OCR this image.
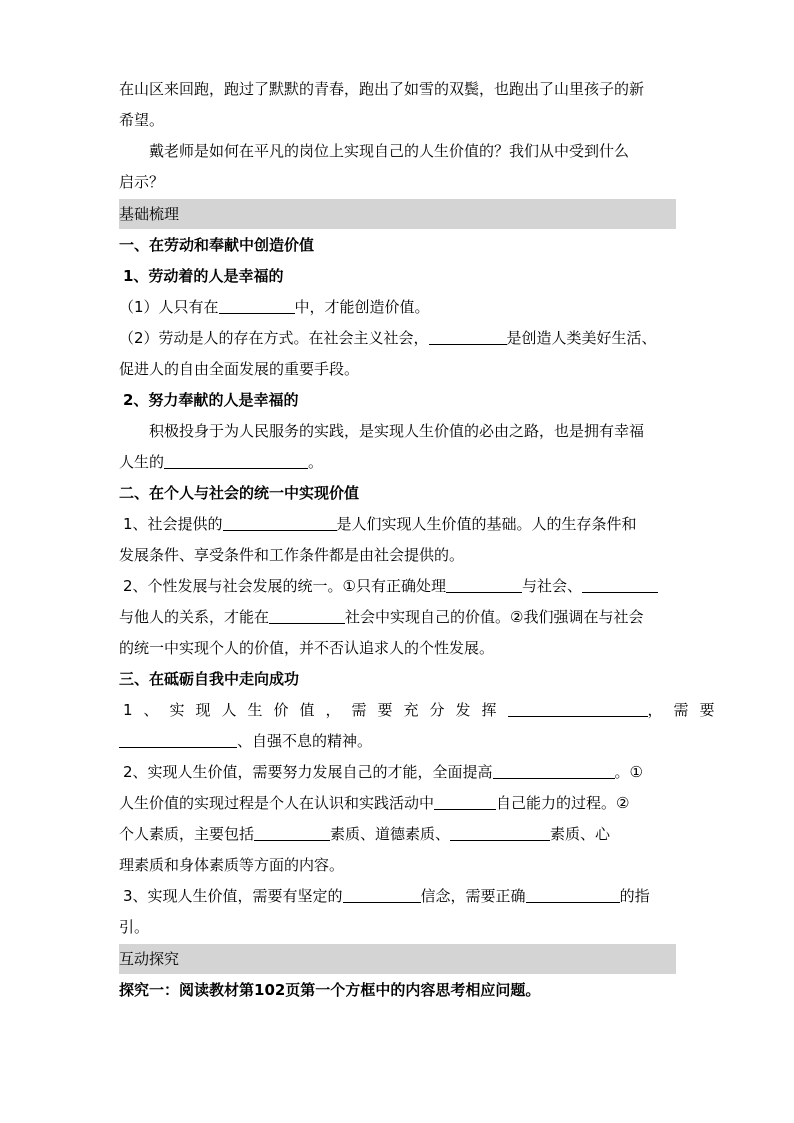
在山区来回跑，跑过了默默的青春，跑出了如雪的双鬓，也跑出了山里孩子的新
希望。
戴老师是如何在平凡的岗位上实现自己的人生价值的？我们从中受到什么
启示？
基础梳理
一、在劳动和奉献中创造价值
1、劳动着的人是幸福的
（1）人只有在	中，才能创造价值。
（2）劳动是人的存在方式。在社会主义社会，	是创造人类美好生活、
促进人的自由全面发展的重要手段。
2、努力奉献的人是幸福的
积极投身于为人民服务的实践，是实现人生价值的必由之路，也是拥有幸福
人生的	。
二、在个人与社会的统一中实现价值
1、社会提供的	是人们实现人生价值的基础。人的生存条件和
发展条件、享受条件和工作条件都是由社会提供的。
2、个性发展与社会发展的统一。①只有正确处理	与社会、
与他人的关系，才能在	社会中实现自己的价值。②我们强调在与社会
的统一中实现个人的价值，并不否认追求人的个性发展。
三、在砥砺自我中走向成功
1、实现人生价值，需要充分发挥	，需要
、自强不息的精神。
2、实现人生价值，需要努力发展自己的才能，全面提高	。①
人生价值的实现过程是个人在认识和实践活动中	自己能力的过程。②
个人素质，主要包括	素质、道德素质、	素质、心
理素质和身体素质等方面的内容。
3、实现人生价值，需要有坚定的	信念，需要正确	的指
引。
互动探究
探究一：阅读教材第102页第一个方框中的内容思考相应问题。
